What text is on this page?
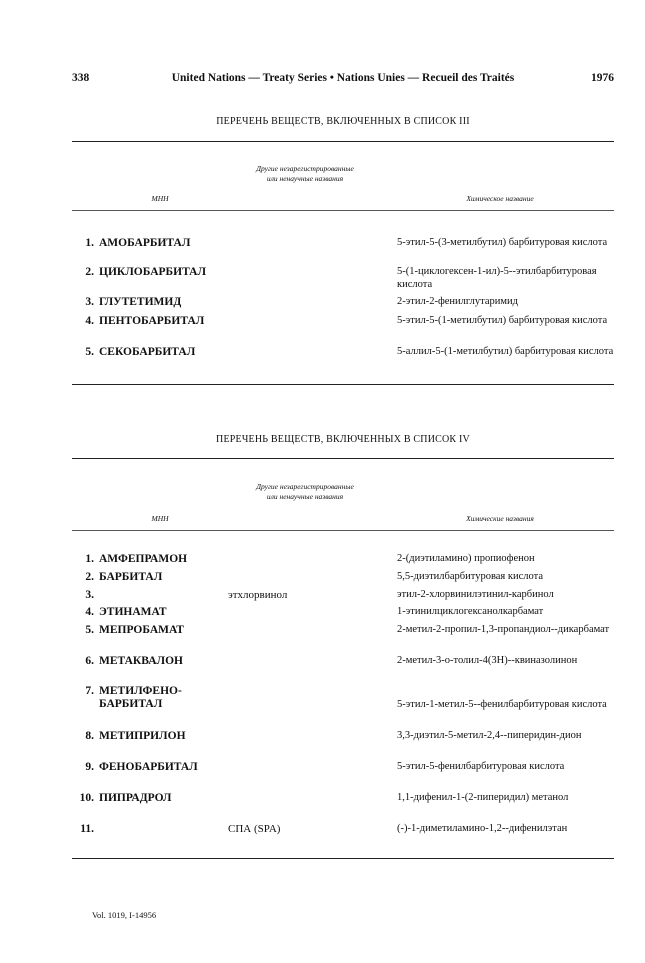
338	United Nations — Treaty Series • Nations Unies — Recueil des Traités	1976
ПЕРЕЧЕНЬ ВЕЩЕСТВ, ВКЛЮЧЕННЫХ В СПИСОК III
Другие незарегистрированные или ненаучные названия
МНН	Химическое название
1. АМОБАРБИТАЛ	5-этил-5-(3-метилбутил) барбитуровая кислота
2. ЦИКЛОБАРБИТАЛ	5-(1-циклогексен-1-ил)-5--этилбарбитуровая кислота
3. ГЛУТЕТИМИД	2-этил-2-фенилглутаримид
4. ПЕНТОБАРБИТАЛ	5-этил-5-(1-метилбутил) барбитуровая кислота
5. СЕКОБАРБИТАЛ	5-аллил-5-(1-метилбутил) барбитуровая кислота
ПЕРЕЧЕНЬ ВЕЩЕСТВ, ВКЛЮЧЕННЫХ В СПИСОК IV
Другие незарегистрированные или ненаучные названия
МНН	Химические названия
1. АМФЕПРАМОН	2-(диэтиламино) пропиофенон
2. БАРБИТАЛ	5,5-диэтилбарбитуровая кислота
3.	этхлорвинол	этил-2-хлорвинилэтинил-карбинол
4. ЭТИНАМАТ	1-этинилциклогексанолкарбамат
5. МЕПРОБАМАТ	2-метил-2-пропил-1,3-пропандиол--дикарбамат
6. МЕТАКВАЛОН	2-метил-3-о-толил-4(3Н)--квиназолинон
7. МЕТИЛФЕНО-БАРБИТАЛ	5-этил-1-метил-5--фенилбарбитуровая кислота
8. МЕТИПРИЛОН	3,3-диэтил-5-метил-2,4--пиперидин-дион
9. ФЕНОБАРБИТАЛ	5-этил-5-фенилбарбитуровая кислота
10. ПИПРАДРОЛ	1,1-дифенил-1-(2-пиперидил) метанол
11.	СПА (SPA)	(-)-1-диметиламино-1,2--дифенилэтан
Vol. 1019, I-14956
